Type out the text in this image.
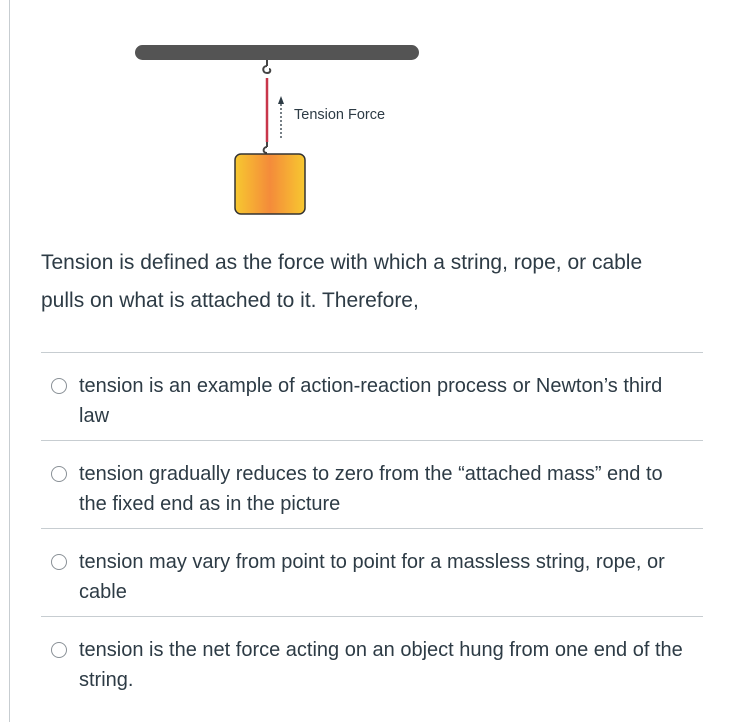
Tension Force
Tension is defined as the force with which a string, rope, or cable pulls on what is attached to it. Therefore,
tension is an example of action-reaction process or Newton’s third law
tension gradually reduces to zero from the “attached mass” end to the fixed end as in the picture
tension may vary from point to point for a massless string, rope, or cable
tension is the net force acting on an object hung from one end of the string.
